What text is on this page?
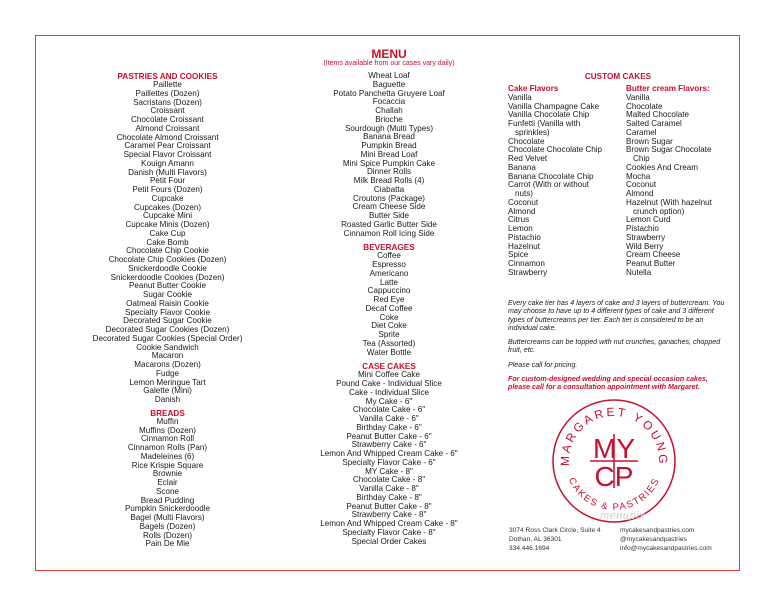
MENU
(Items available from our cases vary daily)
PASTRIES AND COOKIES
Paillette
Paillettes (Dozen)
Sacristans (Dozen)
Croissant
Chocolate Croissant
Almond Croissant
Chocolate Almond Croissant
Caramel Pear Croissant
Special Flavor Croissant
Kouign Amann
Danish (Multi Flavors)
Petit Four
Petit Fours (Dozen)
Cupcake
Cupcakes (Dozen)
Cupcake Mini
Cupcake Minis (Dozen)
Cake Cup
Cake Bomb
Chocolate Chip Cookie
Chocolate Chip Cookies (Dozen)
Snickerdoodle Cookie
Snickerdoodle Cookies (Dozen)
Peanut Butter Cookie
Sugar Cookie
Oatmeal Raisin Cookie
Specialty Flavor Cookie
Decorated Sugar Cookie
Decorated Sugar Cookies (Dozen)
Decorated Sugar Cookies (Special Order)
Cookie Sandwich
Macaron
Macarons (Dozen)
Fudge
Lemon Meringue Tart
Galette (Mini)
Danish
BREADS
Muffin
Muffins (Dozen)
Cinnamon Roll
Cinnamon Rolls (Pan)
Madeleines (6)
Rice Krispie Square
Brownie
Eclair
Scone
Bread Pudding
Pumpkin Snickerdoodle
Bagel (Multi Flavors)
Bagels (Dozen)
Rolls (Dozen)
Pain De Mie
Wheat Loaf
Baguette
Potato Panchetta Gruyere Loaf
Focaccia
Challah
Brioche
Sourdough (Multi Types)
Banana Bread
Pumpkin Bread
Mini Bread Loaf
Mini Spice Pumpkin Cake
Dinner Rolls
Milk Bread Rolls (4)
Ciabatta
Croutons (Package)
Cream Cheese Side
Butter Side
Roasted Garlic Butter Side
Cinnamon Roll Icing Side
BEVERAGES
Coffee
Espresso
Americano
Latte
Cappuccino
Red Eye
Decaf Coffee
Coke
Diet Coke
Sprite
Tea (Assorted)
Water Bottle
CASE CAKES
Mini Coffee Cake
Pound Cake - Individual Slice
Cake - Individual Slice
My Cake - 6"
Chocolate Cake - 6"
Vanilla Cake - 6"
Birthday Cake - 6"
Peanut Butter Cake - 6"
Strawberry Cake - 6"
Lemon And Whipped Cream Cake - 6"
Specialty Flavor Cake - 6"
MY Cake - 8"
Chocolate Cake - 8"
Vanilla Cake - 8"
Birthday Cake - 8"
Peanut Butter Cake - 8"
Strawberry Cake - 8"
Lemon And Whipped Cream Cake - 8"
Specialty Flavor Cake - 8"
Special Order Cakes
CUSTOM CAKES
Cake Flavors
Vanilla
Vanilla Champagne Cake
Vanilla Chocolate Chip
Funfetti (Vanilla with
sprinkles)
Chocolate
Chocolate Chocolate Chip
Red Velvet
Banana
Banana Chocolate Chip
Carrot (With or without
nuts)
Coconut
Almond
Citrus
Lemon
Pistachio
Hazelnut
Spice
Cinnamon
Strawberry
Butter cream Flavors:
Vanilla
Chocolate
Malted Chocolate
Salted Caramel
Caramel
Brown Sugar
Brown Sugar Chocolate
Chip
Cookies And Cream
Mocha
Coconut
Almond
Hazelnut (With hazelnut
crunch option)
Lemon Curd
Pistachio
Strawberry
Wild Berry
Cream Cheese
Peanut Butter
Nutella
Every cake tier has 4 layers of cake and 3 layers of buttercream. You may choose to have up to 4 different types of cake and 3 different types of buttercreams per tier. Each tier is considered to be an individual cake.
Buttercreams can be topped with nut crunches, ganaches, chopped fruit, etc.
Please call for pricing.
For custom-designed wedding and special occasion cakes, please call for a consultation appointment with Margaret.
MARGARET YOUNG
CAKES & PASTRIES
MY
CP
menupix
3074 Ross Clark Circle, Suite 4
Dothan, AL 36301
334.446.1694
mycakesandpastries.com
@mycakesandpastries
info@mycakesandpastries.com
